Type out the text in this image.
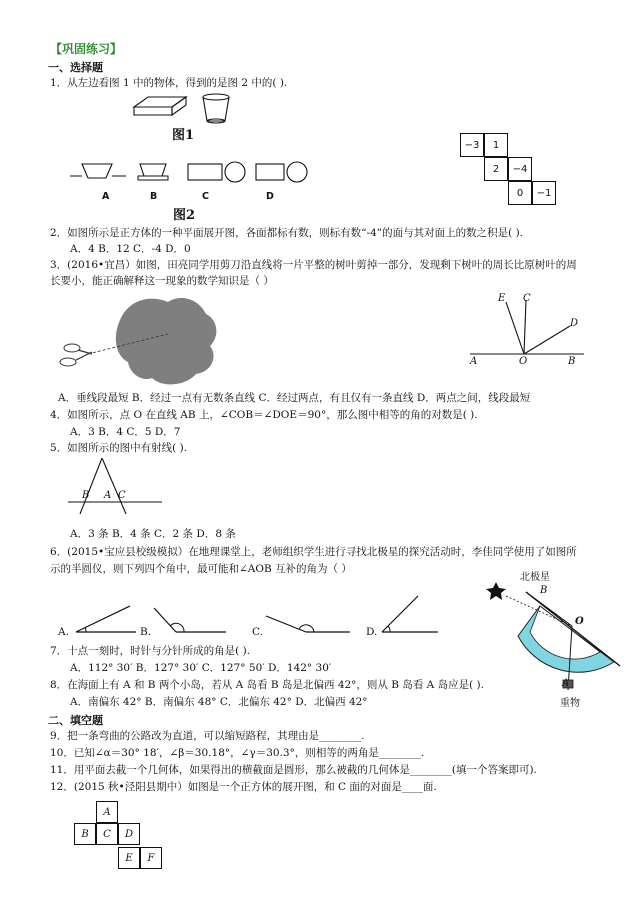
【巩固练习】
一、选择题
1．从左边看图 1 中的物体，得到的是图 2 中的( ).
图1
A	B	C	D
图2
−3	1
2	−4
0	−1
2．如图所示是正方体的一种平面展开图，各面都标有数，则标有数“-4”的面与其对面上的数之积是( ).
A．4 B．12 C．-4 D．0
3．(2016•宜昌）如图，田亮同学用剪刀沿直线将一片平整的树叶剪掉一部分，发现剩下树叶的周长比原树叶的周
长要小，能正确解释这一现象的数学知识是（ ）
E C
D
A	O	B
A．垂线段最短 B．经过一点有无数条直线 C．经过两点，有且仅有一条直线 D．两点之间，线段最短
4．如图所示，点 O 在直线 AB 上，∠COB＝∠DOE＝90°，那么图中相等的角的对数是( ).
A．3 B．4 C．5 D．7
5．如图所示的图中有射线( ).
B A C
A．3 条 B．4 条 C．2 条 D．8 条
6．(2015•宝应县校级模拟）在地理课堂上，老师组织学生进行寻找北极星的探究活动时，李佳同学使用了如图所
示的半圆仪，则下列四个角中，最可能和∠AOB 互补的角为（ ）
A.	B.	C.	D.
北极星
B
O
A
重物
7．十点一刻时，时针与分针所成的角是( ).
A．112° 30′ B．127° 30′ C．127° 50′ D．142° 30′
8．在海面上有 A 和 B 两个小岛，若从 A 岛看 B 岛是北偏西 42°，则从 B 岛看 A 岛应是( ).
A．南偏东 42° B．南偏东 48° C．北偏东 42° D．北偏西 42°
二、填空题
9．把一条弯曲的公路改为直道，可以缩短路程，其理由是________.
10．已知∠α＝30° 18′，∠β＝30.18°，∠γ＝30.3°，则相等的两角是________.
11．用平面去截一个几何体，如果得出的横截面是圆形，那么被截的几何体是________(填一个答案即可).
12．(2015 秋•泾阳县期中）如图是一个正方体的展开图，和 C 面的对面是____面.
A
B	C	D
E	F
